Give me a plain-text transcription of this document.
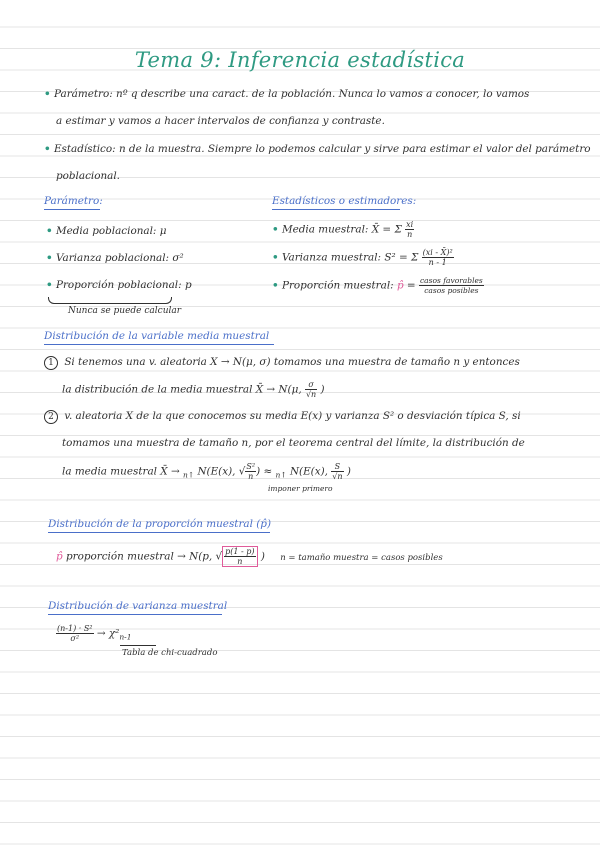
Tema 9: Inferencia estadística
• Parámetro: nº q describe una caract. de la población. Nunca lo vamos a conocer, lo vamos
a estimar y vamos a hacer intervalos de confianza y contraste.
• Estadístico: n de la muestra. Siempre lo podemos calcular y sirve para estimar el valor del parámetro
poblacional.
Parámetro:
• Media poblacional: μ
• Varianza poblacional: σ²
• Proporción poblacional: p
Nunca se puede calcular
Estadísticos o estimadores:
• Media muestral: X̄ = Σ $\frac{xi}{n}$
• Varianza muestral: S² = Σ $\frac{\text{(xi - X̄)²}}{n - 1}$
• Proporción muestral: p̂ = $\frac{\text{casos favorables}}{\text{casos posibles}}$
Distribución de la variable media muestral
1 Si tenemos una v. aleatoria X → N(μ, σ) tomamos una muestra de tamaño n y entonces
la distribución de la media muestral X̄ → N(μ, $\frac{\sigma}{√n}$ )
2 v. aleatoria X de la que conocemos su media E(x) y varianza S² o desviación típica S, si
tomamos una muestra de tamaño n, por el teorema central del límite, la distribución de
la media muestral X̄ → $_{n↑}$ N(E(x), √ $\frac{\text{S²}}{n}$ ) ≈ $_{n↑}$ N(E(x), $\frac{S}{√n}$ )
imponer primero
Distribución de la proporción muestral (p̂)
p̂ proporción muestral → N(p, √ $\frac{p(1 - p)}{n}$ ) n = tamaño muestra = casos posibles
Distribución de varianza muestral
$\frac{\text{(n-1) · S²}}{\text{σ²}} \to \chi^2_{n-1}$
Tabla de chi-cuadrado
